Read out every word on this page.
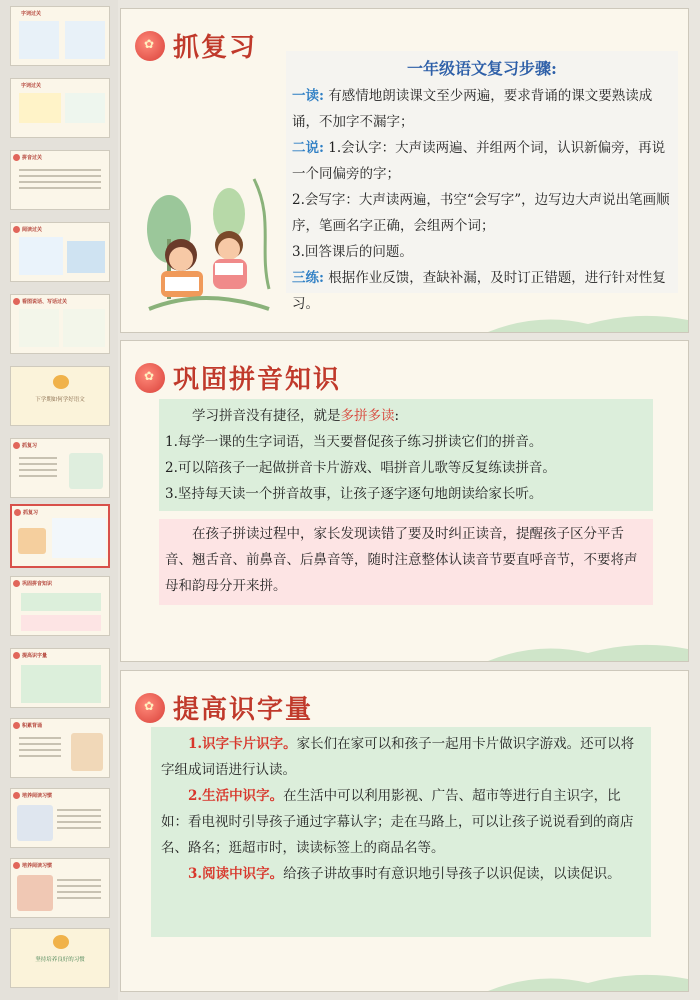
字词过关
字词过关
拼音过关
阅读过关
看图说话、写话过关
下学期如何学好语文
抓复习
抓复习
巩固拼音知识
提高识字量
积累背诵
培养阅读习惯
培养阅读习惯
坚持培养良好的习惯
✿ 抓复习

一年级语文复习步骤:

一读: 有感情地朗读课文至少两遍，要求背诵的课文要熟读成诵，不加字不漏字；

二说: 1.会认字：大声读两遍、并组两个词，认识新偏旁，再说一个同偏旁的字；

2.会写字：大声读两遍，书空“会写字”，边写边大声说出笔画顺序，笔画名字正确，会组两个词；

3.回答课后的问题。

三练: 根据作业反馈，查缺补漏，及时订正错题，进行针对性复习。

✿ 巩固拼音知识

学习拼音没有捷径，就是多拼多读:

1.每学一课的生字词语，当天要督促孩子练习拼读它们的拼音。

2.可以陪孩子一起做拼音卡片游戏、唱拼音儿歌等反复练读拼音。

3.坚持每天读一个拼音故事，让孩子逐字逐句地朗读给家长听。

在孩子拼读过程中，家长发现读错了要及时纠正读音，提醒孩子区分平舌音、翘舌音、前鼻音、后鼻音等，随时注意整体认读音节要直呼音节，不要将声母和韵母分开来拼。

✿ 提高识字量

1.识字卡片识字。家长们在家可以和孩子一起用卡片做识字游戏。还可以将字组成词语进行认读。

2.生活中识字。在生活中可以利用影视、广告、超市等进行自主识字，比如：看电视时引导孩子通过字幕认字；走在马路上，可以让孩子说说看到的商店名、路名；逛超市时，读读标签上的商品名等。

3.阅读中识字。给孩子讲故事时有意识地引导孩子以识促读，以读促识。
